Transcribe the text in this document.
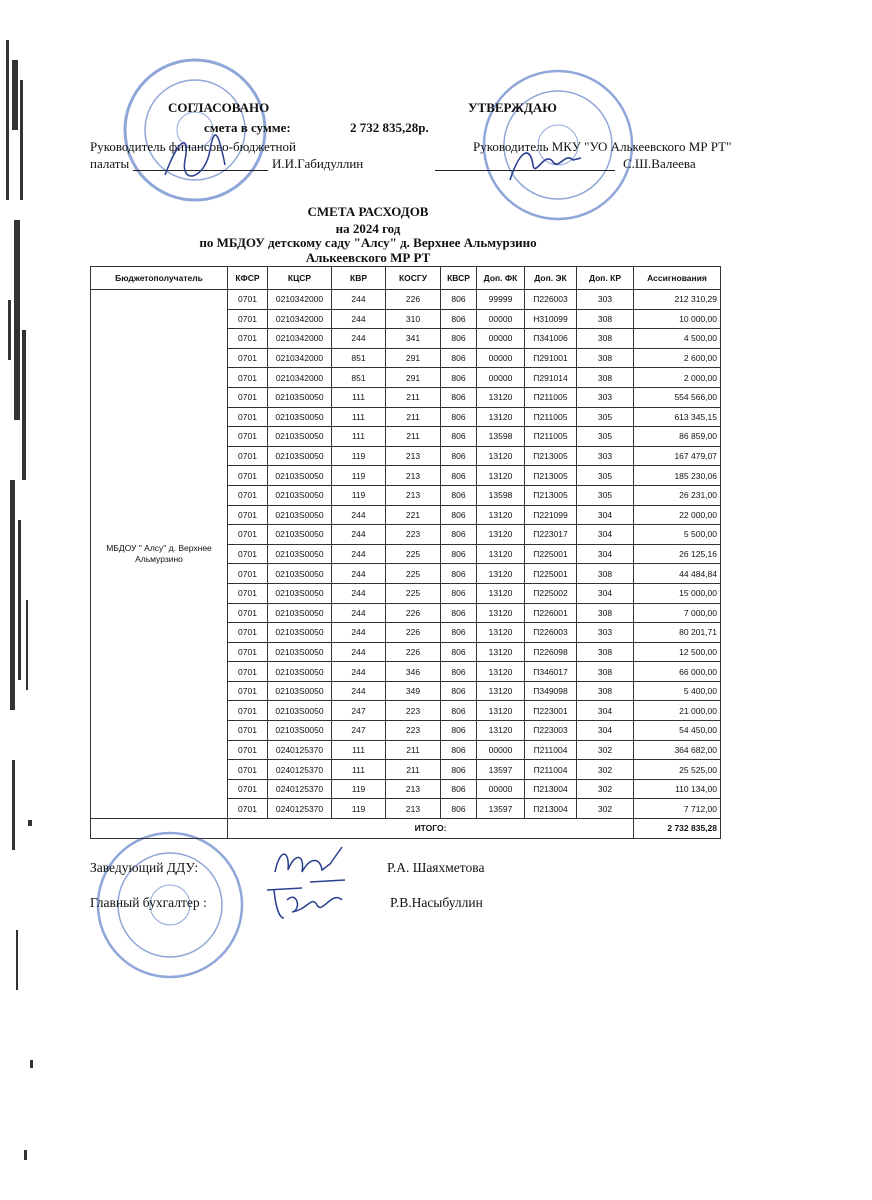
СОГЛАСОВАНО
смета в сумме:	2 732 835,28р.
Руководитель финансово-бюджетной
палаты	И.И.Габидуллин
УТВЕРЖДАЮ
Руководитель МКУ "УО Алькеевского МР РТ"
С.Ш.Валеева
СМЕТА РАСХОДОВ
на 2024 год
по МБДОУ детскому саду "Алсу" д. Верхнее Альмурзино
Алькеевского МР РТ
Бюджетополучатель	КФСР	КЦСР	КВР	КОСГУ	КВСР	Доп. ФК	Доп. ЭК	Доп. КР	Ассигнования
МБДОУ " Алсу" д. Верхнее Альмурзино	0701	0210342000	244	226	806	99999	П226003	303	212 310,29
	0701	0210342000	244	310	806	00000	Н310099	308	10 000,00
	0701	0210342000	244	341	806	00000	П341006	308	4 500,00
	0701	0210342000	851	291	806	00000	П291001	308	2 600,00
	0701	0210342000	851	291	806	00000	П291014	308	2 000,00
	0701	02103S0050	111	211	806	13120	П211005	303	554 566,00
	0701	02103S0050	111	211	806	13120	П211005	305	613 345,15
	0701	02103S0050	111	211	806	13598	П211005	305	86 859,00
	0701	02103S0050	119	213	806	13120	П213005	303	167 479,07
	0701	02103S0050	119	213	806	13120	П213005	305	185 230,06
	0701	02103S0050	119	213	806	13598	П213005	305	26 231,00
	0701	02103S0050	244	221	806	13120	П221099	304	22 000,00
	0701	02103S0050	244	223	806	13120	П223017	304	5 500,00
	0701	02103S0050	244	225	806	13120	П225001	304	26 125,16
	0701	02103S0050	244	225	806	13120	П225001	308	44 484,84
	0701	02103S0050	244	225	806	13120	П225002	304	15 000,00
	0701	02103S0050	244	226	806	13120	П226001	308	7 000,00
	0701	02103S0050	244	226	806	13120	П226003	303	80 201,71
	0701	02103S0050	244	226	806	13120	П226098	308	12 500,00
	0701	02103S0050	244	346	806	13120	П346017	308	66 000,00
	0701	02103S0050	244	349	806	13120	П349098	308	5 400,00
	0701	02103S0050	247	223	806	13120	П223001	304	21 000,00
	0701	02103S0050	247	223	806	13120	П223003	304	54 450,00
	0701	0240125370	111	211	806	00000	П211004	302	364 682,00
	0701	0240125370	111	211	806	13597	П211004	302	25 525,00
	0701	0240125370	119	213	806	00000	П213004	302	110 134,00
	0701	0240125370	119	213	806	13597	П213004	302	7 712,00
	ИТОГО:								2 732 835,28
Заведующий ДДУ:	Р.А. Шаяхметова
Главный бухгалтер :	Р.В.Насыбуллин
